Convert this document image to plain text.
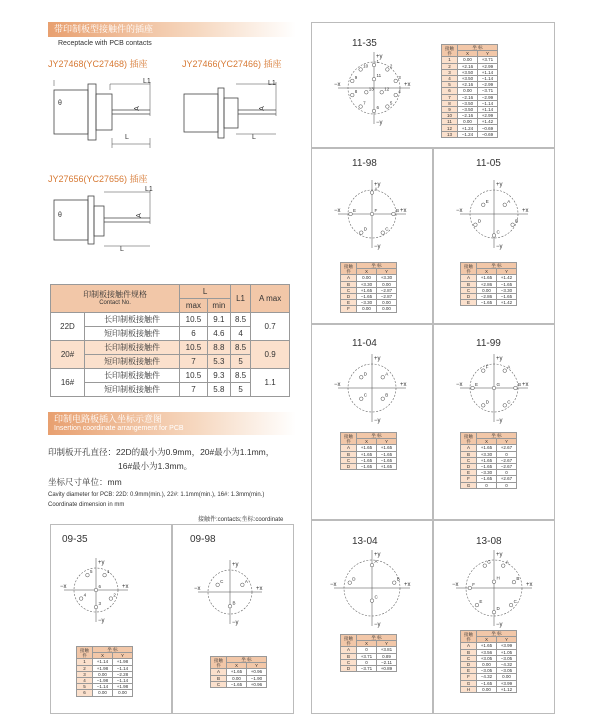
带印制板型接触件的插座
Receptacle with PCB contacts
JY27468(YC27468) 插座	JY27466(YC27466) 插座
L1
L
θ
A
L1
L
A
JY27656(YC27656) 插座
L1
L
θ	A
印制板接触件规格
Contact No.		L		L1	A max
		max	min		
22D	长印制板接触件	10.5	9.1	8.5	0.7
	短印制板接触件	6	4.6	4	
20#	长印制板接触件	10.5	8.8	8.5	0.9
	短印制板接触件	7	5.3	5	
16#	长印制板接触件	10.5	9.3	8.5	1.1
	短印制板接触件	7	5.8	5	
印制电路板插入坐标示意图
Insertion coordinate arrangement for PCB
印制板开孔直径：22D的最小为0.9mm，20#最小为1.1mm，
16#最小为1.3mm。
坐标尺寸单位：mm
Cavity diameter for PCB: 22D: 0.9mm(min.), 22#: 1.1mm(min.), 16#: 1.3mm(min.)
Coordinate dimension in mm
接触件:contacts;坐标:coordinate
11-35
+x
−x
+y
−y
1
2
3
4
5
6
7
8
9
10
11
12
13
接触件	坐 标	
	X	Y
1	0.00	+3.71
2	+2.16	+2.99
3	+3.50	+1.14
4	+3.50	−1.14
5	+2.16	−2.99
6	0.00	−3.71
7	−2.16	−2.99
8	−3.50	−1.14
9	−3.50	+1.14
10	−2.16	+2.99
11	0.00	+1.42
12	+1.24	−0.69
13	−1.24	−0.69
11-98
+x
−x
+y
−y
A
B
C
D
E	F
接触件	坐 标	
	X	Y
A	0.00	+3.30
B	+3.30	0.00
C	+1.65	−2.87
D	−1.65	−2.87
E	−3.30	0.00
F	0.00	0.00
11-05
+x
−x
+y
−y
A
B
C
D
E
接触件	坐 标	
	X	Y
A	+1.65	+1.42
B	+2.86	−1.65
C	0.00	−3.30
D	−2.86	−1.65
E	−1.65	+1.42
11-04
+x
−x
+y
−y
A
B
C
D
接触件	坐 标	
	X	Y
A	+1.65	+1.65
B	+1.65	−1.65
C	−1.65	−1.65
D	−1.65	+1.65
11-99
+x
−x
+y
−y
A
B
C
D
E
F
G
接触件	坐 标	
	X	Y
A	+1.65	+2.67
B	+3.30	0
C	+1.65	−2.67
D	−1.65	−2.67
E	−3.30	0
F	−1.65	+2.67
G	0	0
09-35
+x
−x
+y
−y
1
2
3
4
5
6
接触件	坐 标	
	X	Y
1	+1.14	+1.98
2	+1.98	−1.14
3	0.00	−2.28
4	−1.98	−1.14
5	−1.14	+1.98
6	0.00	0.00
09-98
+x
−x
+y
−y
A
B
C
接触件	坐 标	
	X	Y
A	+1.65	+0.96
B	0.00	−1.90
C	−1.65	+0.96
13-04
+x
−x
+y
−y
A
B
C
D
接触件	坐 标	
	X	Y
A	0	+3.81
B	+3.71	0.89
C	0	−2.11
D	−3.71	+0.89
13-08
+x
−x
+y
−y
A
B
C
D
E
F
G
H
接触件	坐 标	
	X	Y
A	+1.65	+3.99
B	+3.56	+1.05
C	+3.05	−3.05
D	0.00	−4.32
E	−3.05	−3.05
F	−4.32	0.00
G	−1.65	+3.99
H	0.00	+1.12
